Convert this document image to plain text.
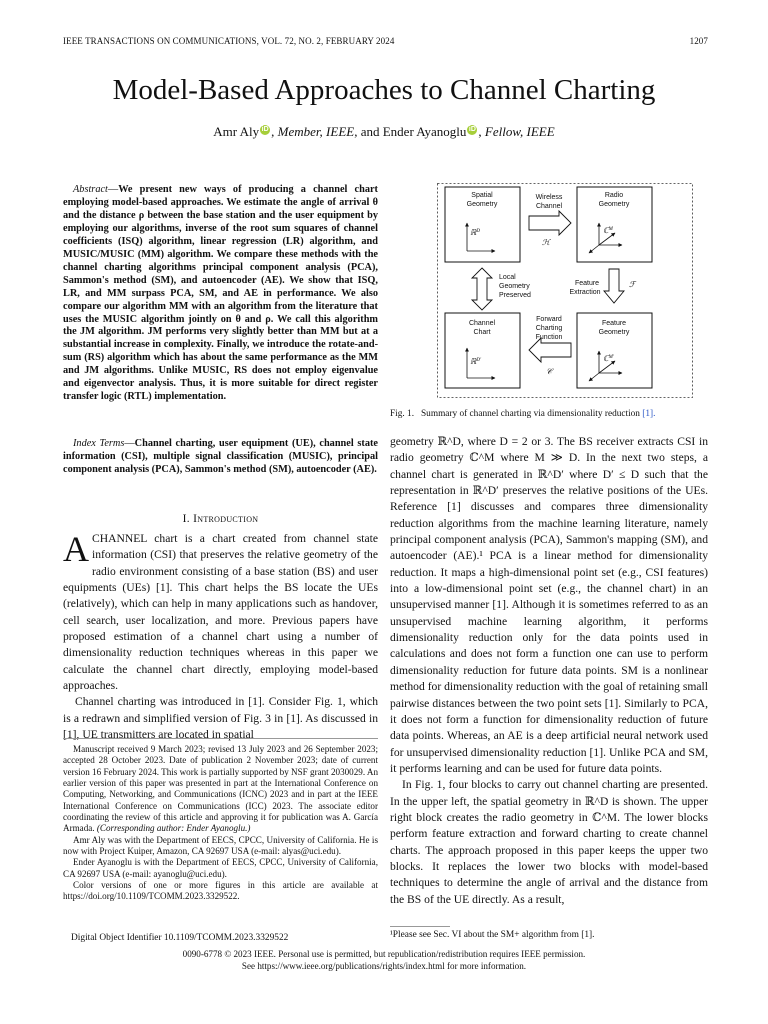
IEEE TRANSACTIONS ON COMMUNICATIONS, VOL. 72, NO. 2, FEBRUARY 2024	1207
Model-Based Approaches to Channel Charting
Amr Aly iD , Member, IEEE, and Ender Ayanoglu iD , Fellow, IEEE
Abstract—We present new ways of producing a channel chart employing model-based approaches. We estimate the angle of arrival θ and the distance ρ between the base station and the user equipment by employing our algorithms, inverse of the root sum squares of channel coefficients (ISQ) algorithm, linear regression (LR) algorithm, and MUSIC/MUSIC (MM) algorithm. We compare these methods with the channel charting algorithms principal component analysis (PCA), Sammon's method (SM), and autoencoder (AE). We show that ISQ, LR, and MM surpass PCA, SM, and AE in performance. We also compare our algorithm MM with an algorithm from the literature that uses the MUSIC algorithm jointly on θ and ρ. We call this algorithm the JM algorithm. JM performs very slightly better than MM but at a substantial increase in complexity. Finally, we introduce the rotate-and-sum (RS) algorithm which has about the same performance as the MM and JM algorithms. Unlike MUSIC, RS does not employ eigenvalue and eigenvector analysis. Thus, it is more suitable for direct register transfer logic (RTL) implementation.
Index Terms—Channel charting, user equipment (UE), channel state information (CSI), multiple signal classification (MUSIC), principal component analysis (PCA), Sammon's method (SM), autoencoder (AE).
I. Introduction

ACHANNEL chart is a chart created from channel state information (CSI) that preserves the relative geometry of the radio environment consisting of a base station (BS) and user equipments (UEs) [1]. This chart helps the BS locate the UEs (relatively), which can help in many applications such as handover, cell search, user localization, and more. Previous papers have proposed estimation of a channel chart using a number of dimensionality reduction techniques whereas in this paper we calculate the channel chart directly, employing model-based approaches.

Channel charting was introduced in [1]. Consider Fig. 1, which is a redrawn and simplified version of Fig. 3 in [1]. As discussed in [1], UE transmitters are located in spatial

Manuscript received 9 March 2023; revised 13 July 2023 and 26 September 2023; accepted 28 October 2023. Date of publication 2 November 2023; date of current version 16 February 2024. This work is partially supported by NSF grant 2030029. An earlier version of this paper was presented in part at the International Conference on Computing, Networking, and Communications (ICNC) 2023 and in part at the IEEE International Conference on Communications (ICC) 2023. The associate editor coordinating the review of this article and approving it for publication was A. García Armada. (Corresponding author: Ender Ayanoglu.)

Amr Aly was with the Department of EECS, CPCC, University of California. He is now with Project Kuiper, Amazon, CA 92697 USA (e-mail: alyas@uci.edu).

Ender Ayanoglu is with the Department of EECS, CPCC, University of California, CA 92697 USA (e-mail: ayanoglu@uci.edu).

Color versions of one or more figures in this article are available at https://doi.org/10.1109/TCOMM.2023.3329522.

Digital Object Identifier 10.1109/TCOMM.2023.3329522
Spatial
Geometry
ℝ$^D$
Wireless
Channel
ℋ
Radio
Geometry
ℂ$^M$
Local
Geometry
Preserved
Feature
Extraction
ℱ
Channel
Chart
ℝ$^{D'}$
Forward
Charting
Function
𝒞
Feature
Geometry
ℂ$^{M'}$
Fig. 1. Summary of channel charting via dimensionality reduction [1].

geometry ℝ^D, where D = 2 or 3. The BS receiver extracts CSI in radio geometry ℂ^M where M ≫ D. In the next two steps, a channel chart is generated in ℝ^D′ where D′ ≤ D such that the representation in ℝ^D′ preserves the relative positions of the UEs. Reference [1] discusses and compares three dimensionality reduction algorithms from the machine learning literature, namely principal component analysis (PCA), Sammon's mapping (SM), and autoencoder (AE).¹ PCA is a linear method for dimensionality reduction. It maps a high-dimensional point set (e.g., CSI features) into a low-dimensional point set (e.g., the channel chart) in an unsupervised manner [1]. Although it is sometimes referred to as an unsupervised machine learning algorithm, it performs dimensionality reduction only for the data points used in calculations and does not form a function one can use to perform dimensionality reduction for future data points. SM is a nonlinear method for dimensionality reduction with the goal of retaining small pairwise distances between the two point sets [1]. Similarly to PCA, it does not form a function for dimensionality reduction of future data points. Whereas, an AE is a deep artificial neural network used for unsupervised dimensionality reduction [1]. Unlike PCA and SM, it performs learning and can be used for future data points.

In Fig. 1, four blocks to carry out channel charting are presented. In the upper left, the spatial geometry in ℝ^D is shown. The upper right block creates the radio geometry in ℂ^M. The lower blocks perform feature extraction and forward charting to create channel charts. The approach proposed in this paper keeps the upper two blocks. It replaces the lower two blocks with model-based techniques to determine the angle of arrival and the distance from the BS of the UE directly. As a result,

¹Please see Sec. VI about the SM+ algorithm from [1].
0090-6778 © 2023 IEEE. Personal use is permitted, but republication/redistribution requires IEEE permission.
See https://www.ieee.org/publications/rights/index.html for more information.
